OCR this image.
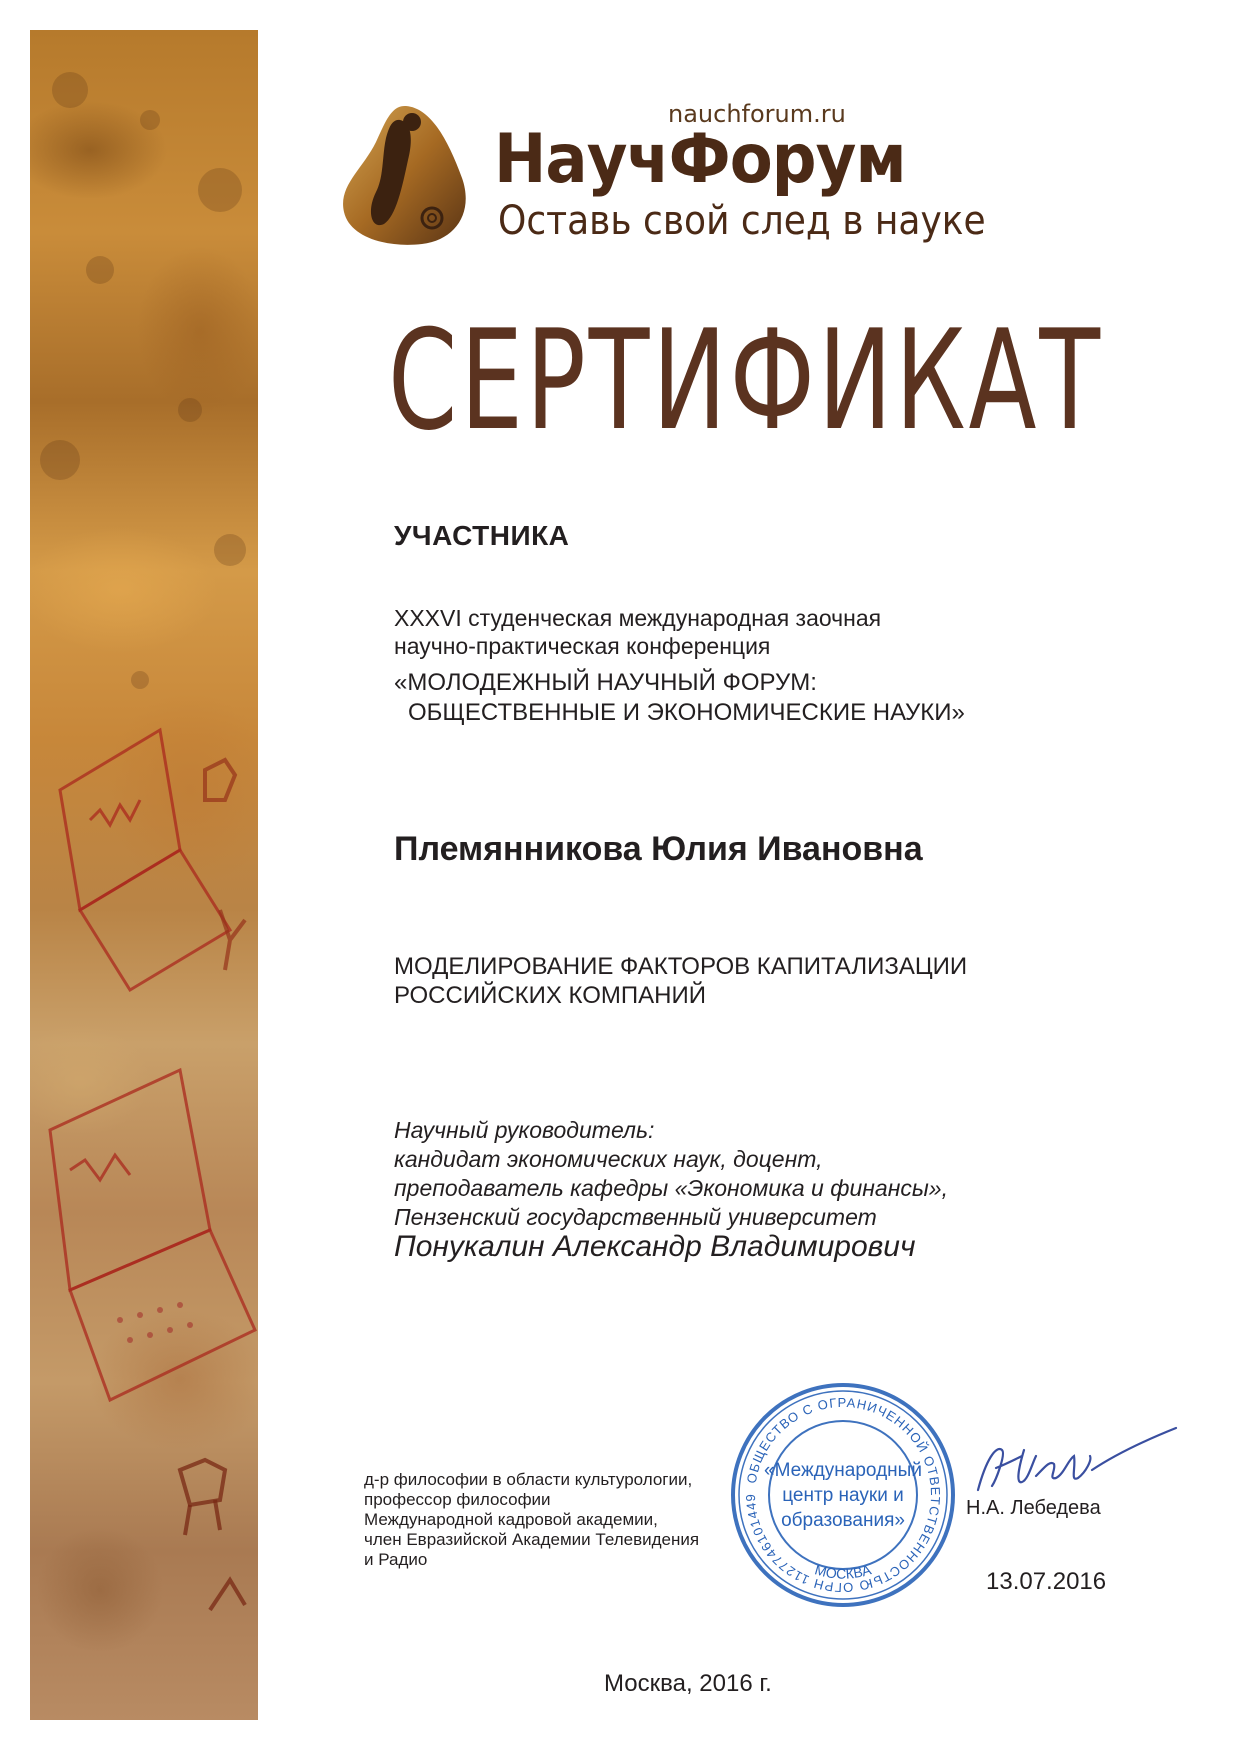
nauchforum.ru
НаучФорум
Оставь свой след в науке
СЕРТИФИКАТ
УЧАСТНИКА
XXXVI студенческая международная заочная
научно-практическая конференция
«МОЛОДЕЖНЫЙ НАУЧНЫЙ ФОРУМ:
ОБЩЕСТВЕННЫЕ И ЭКОНОМИЧЕСКИЕ НАУКИ»
Племянникова Юлия Ивановна
МОДЕЛИРОВАНИЕ ФАКТОРОВ КАПИТАЛИЗАЦИИ
РОССИЙСКИХ КОМПАНИЙ
Научный руководитель:
кандидат экономических наук, доцент,
преподаватель кафедры «Экономика и финансы»,
Пензенский государственный университет
Понукалин Александр Владимирович
д-р философии в области культурологии,
профессор философии
Международной кадровой академии,
член Евразийской Академии Телевидения
и Радио
ОБЩЕСТВО С ОГРАНИЧЕННОЙ ОТВЕТСТВЕННОСТЬЮ ОГРН 1127746101449
МОСКВА
«Международный
центр науки и
образования»
Н.А. Лебедева
13.07.2016
Москва, 2016 г.
